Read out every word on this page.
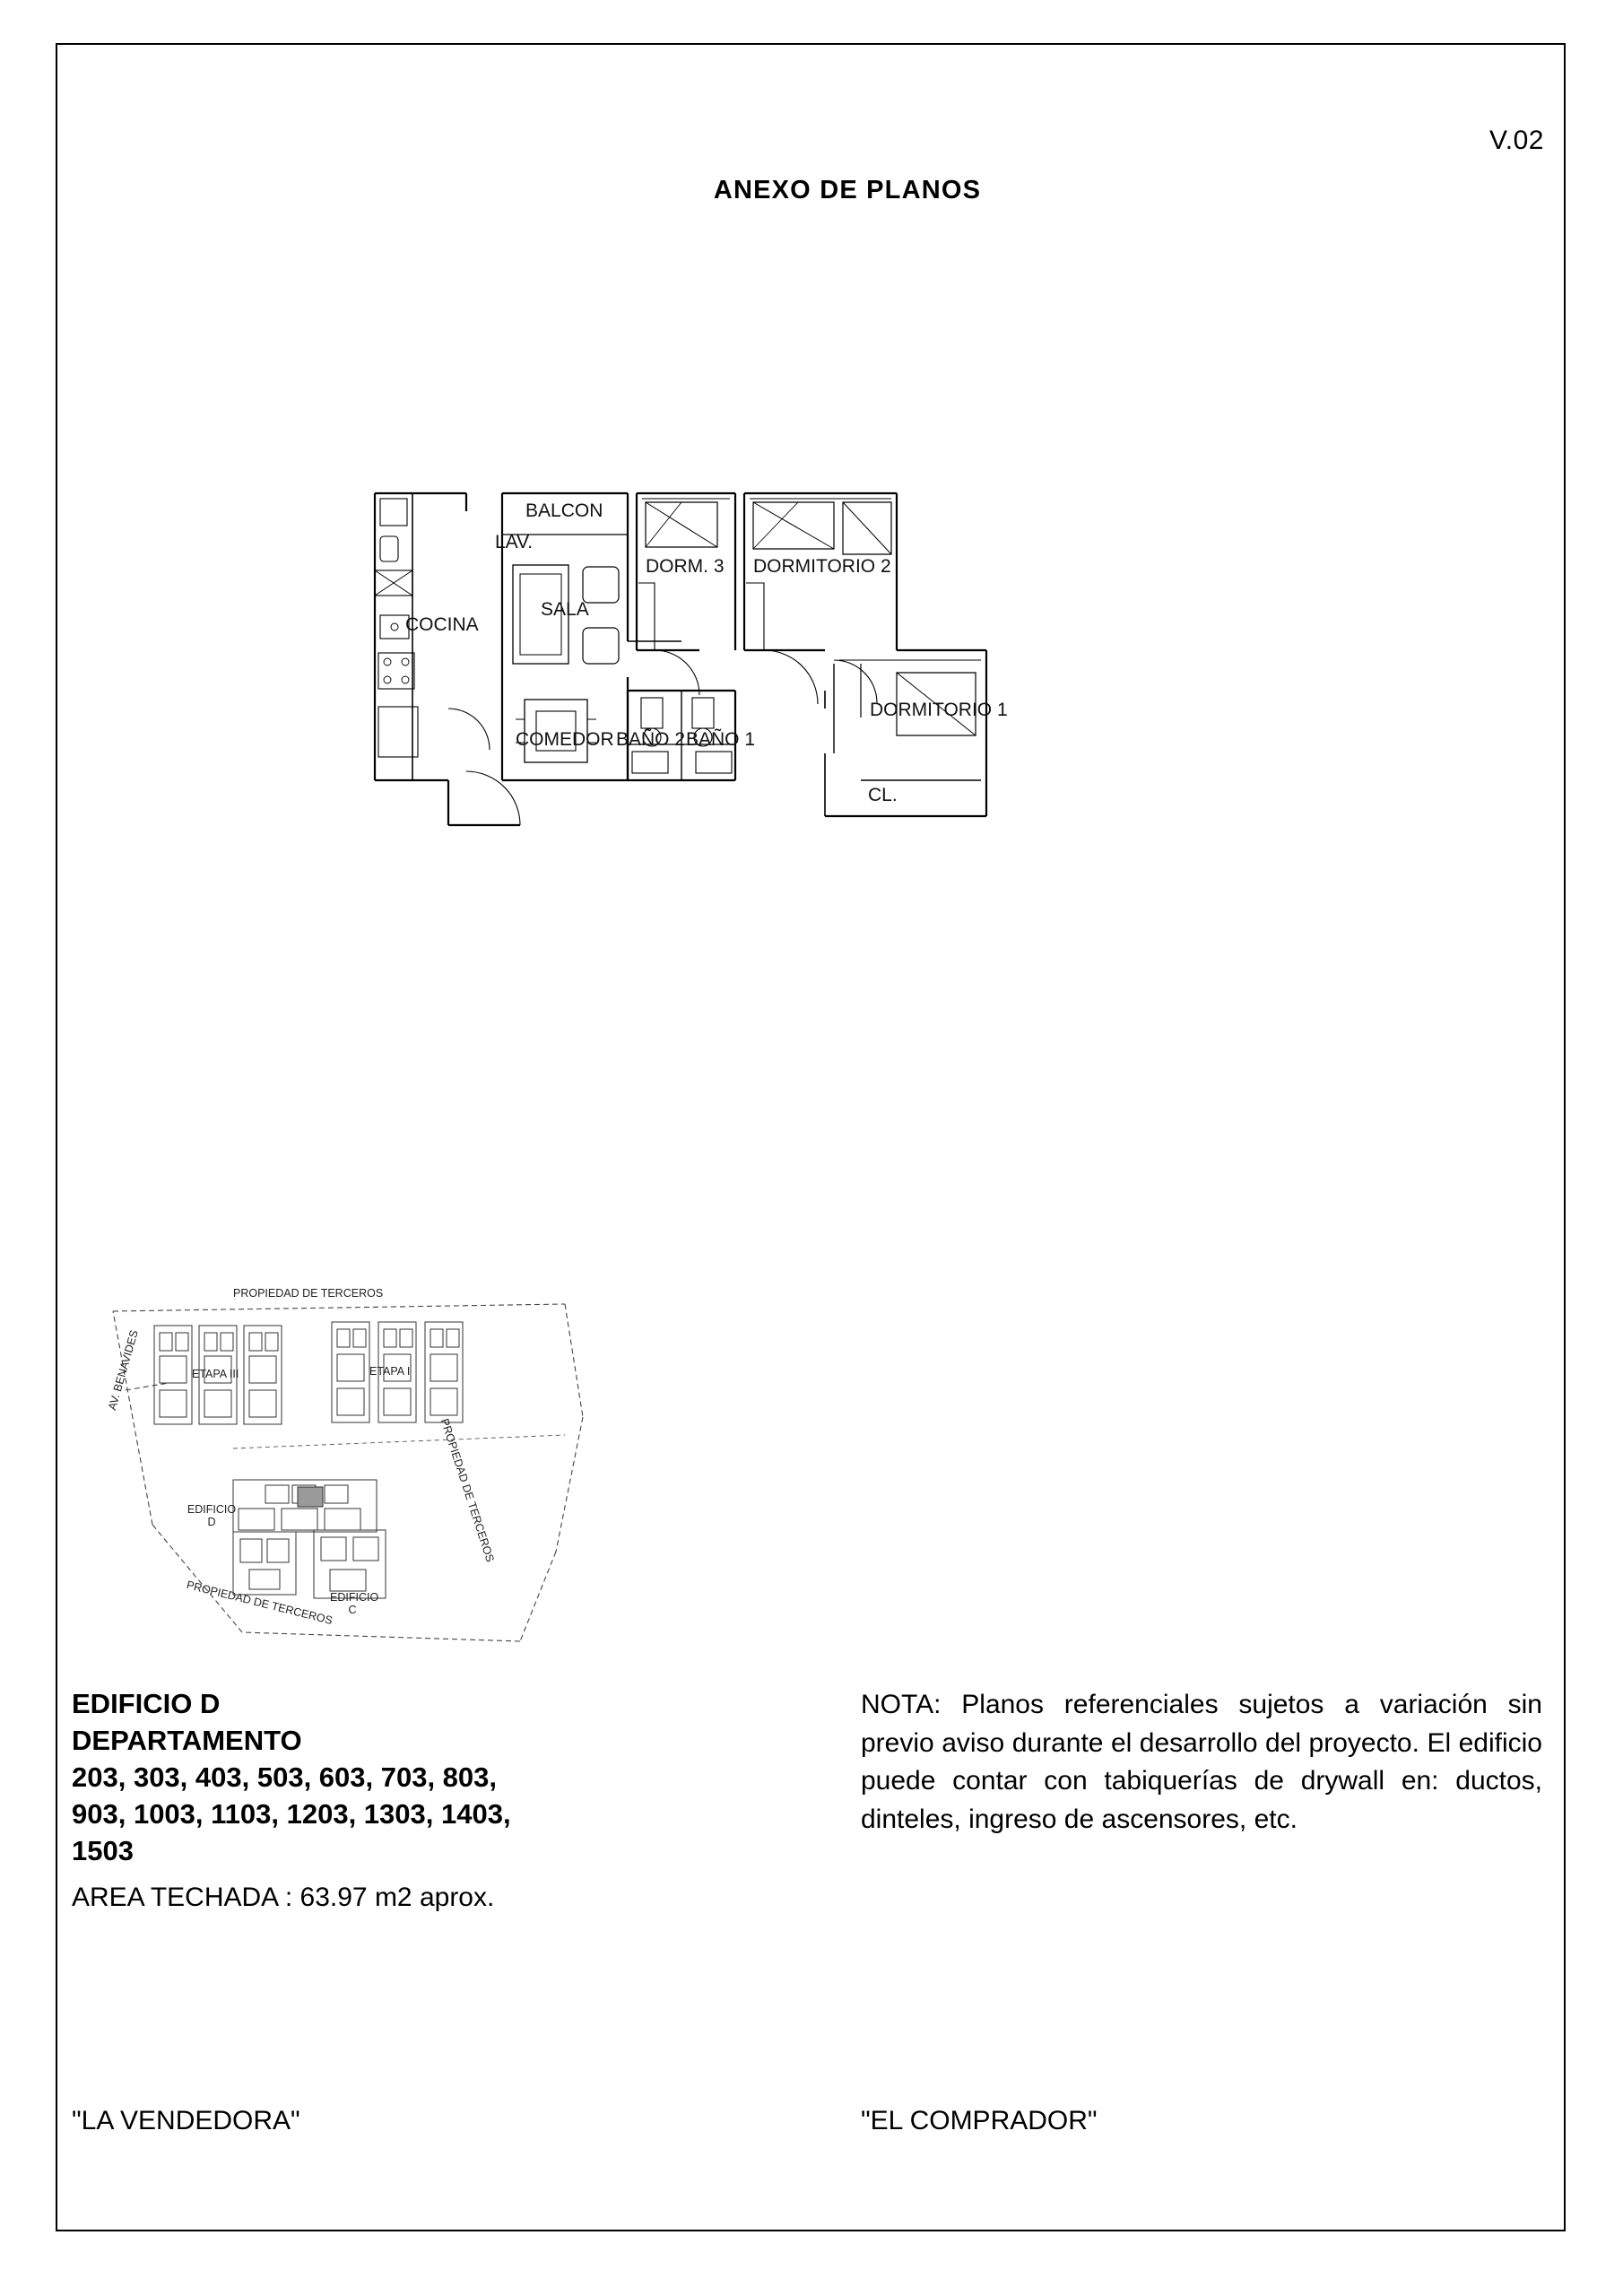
V.02
ANEXO DE PLANOS
LAV.
BALCON
DORM. 3 DORMITORIO 2
SALA
COCINA
DORMITORIO 1
COMEDOR BAÑO 2 BAÑO 1
CL.
PROPIEDAD DE TERCEROS
AV. BENAVIDES	ETAPA III	ETAPA I
PROPIEDAD DE TERCEROS
PROPIEDAD DE TERCEROS
EDIFICIO D
EDIFICIO C
EDIFICIO D
DEPARTAMENTO
203, 303, 403, 503, 603, 703, 803,
903, 1003, 1103, 1203, 1303, 1403,
1503
AREA TECHADA : 63.97 m2 aprox.
NOTA: Planos referenciales sujetos a variación sin previo aviso durante el desarrollo del proyecto. El edificio puede contar con tabiquerías de drywall en: ductos, dinteles, ingreso de ascensores, etc.
"LA VENDEDORA"	"EL COMPRADOR"
